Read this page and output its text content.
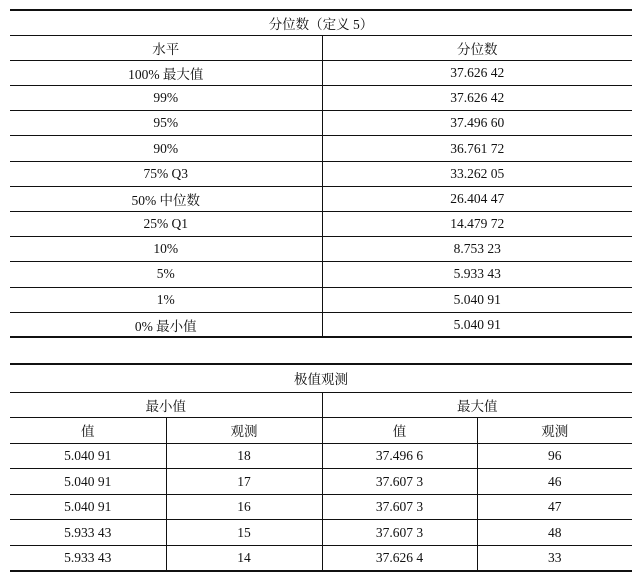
分位数（定义 5）	
水平	分位数
100% 最大值	37.626 42
99%	37.626 42
95%	37.496 60
90%	36.761 72
75% Q3	33.262 05
50% 中位数	26.404 47
25% Q1	14.479 72
10%	8.753 23
5%	5.933 43
1%	5.040 91
0% 最小值	5.040 91
极值观测			
最小值		最大值	
值	观测	值	观测
5.040 91	18	37.496 6	96
5.040 91	17	37.607 3	46
5.040 91	16	37.607 3	47
5.933 43	15	37.607 3	48
5.933 43	14	37.626 4	33
